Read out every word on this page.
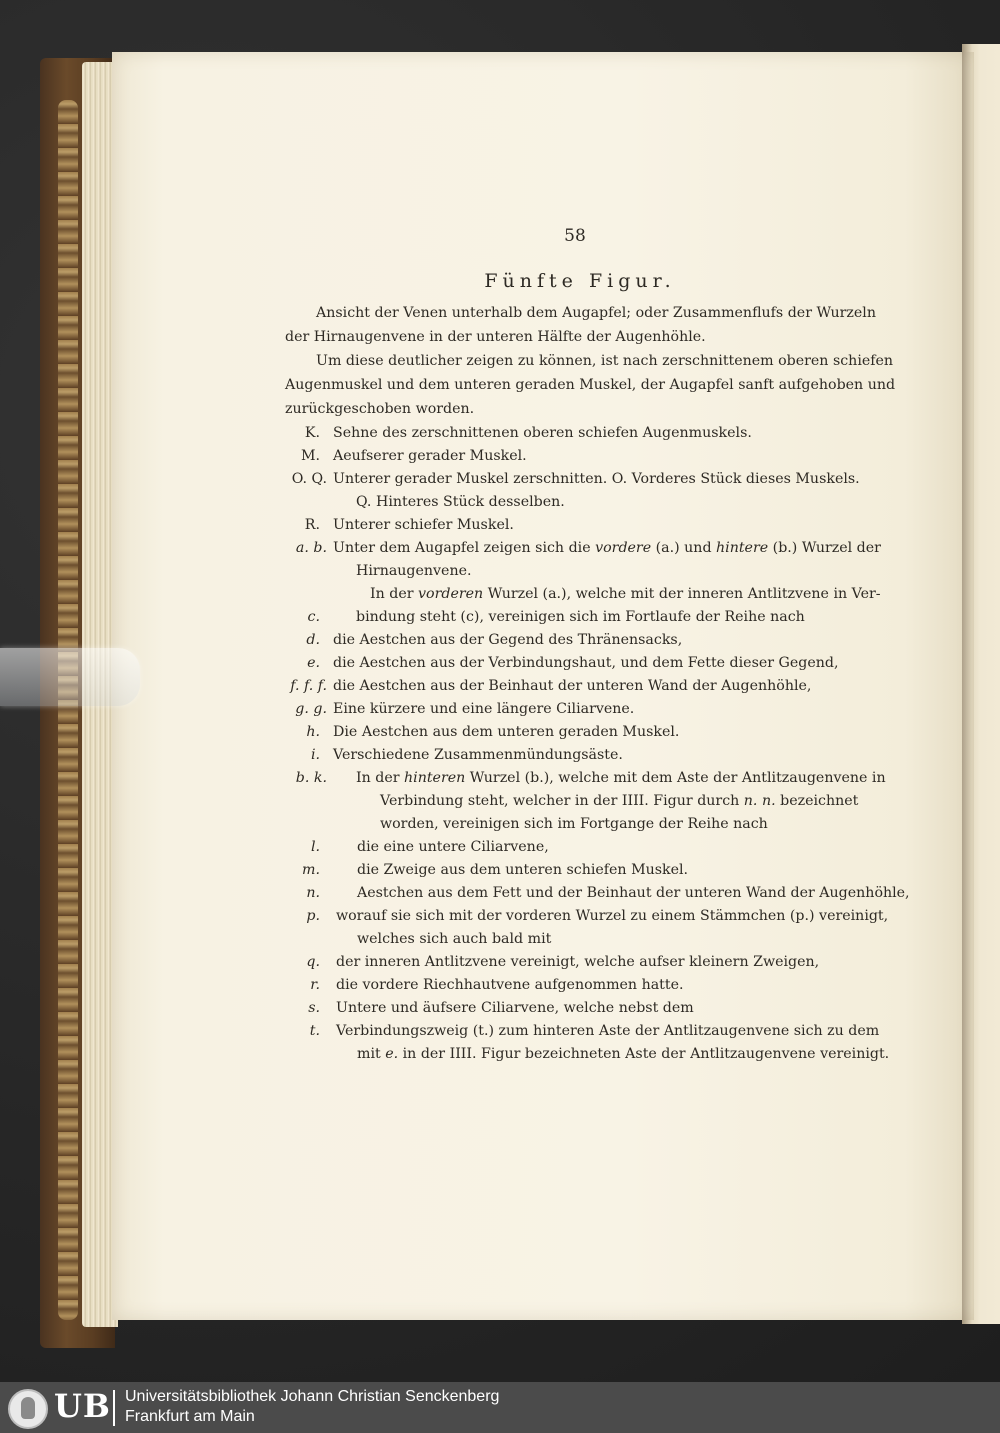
58
Fünfte Figur.
Ansicht der Venen unterhalb dem Augapfel; oder Zusammenflufs der Wurzeln
der Hirnaugenvene in der unteren Hälfte der Augenhöhle.
Um diese deutlicher zeigen zu können, ist nach zerschnittenem oberen schiefen
Augenmuskel und dem unteren geraden Muskel, der Augapfel sanft aufgehoben und
zurückgeschoben worden.
K. Sehne des zerschnittenen oberen schiefen Augenmuskels.
M. Aeufserer gerader Muskel.
O. Q. Unterer gerader Muskel zerschnitten. O. Vorderes Stück dieses Muskels.
Q. Hinteres Stück desselben.
R. Unterer schiefer Muskel.
a. b. Unter dem Augapfel zeigen sich die vordere (a.) und hintere (b.) Wurzel der
Hirnaugenvene.
In der vorderen Wurzel (a.), welche mit der inneren Antlitzvene in Ver-
c.	bindung steht (c), vereinigen sich im Fortlaufe der Reihe nach
d. die Aestchen aus der Gegend des Thränensacks,
e. die Aestchen aus der Verbindungshaut, und dem Fette dieser Gegend,
f. f. f. die Aestchen aus der Beinhaut der unteren Wand der Augenhöhle,
g. g. Eine kürzere und eine längere Ciliarvene.
h. Die Aestchen aus dem unteren geraden Muskel.
i. Verschiedene Zusammenmündungsäste.
b. k. In der hinteren Wurzel (b.), welche mit dem Aste der Antlitzaugenvene in
Verbindung steht, welcher in der IIII. Figur durch n. n. bezeichnet
worden, vereinigen sich im Fortgange der Reihe nach
l.	die eine untere Ciliarvene,
m.	die Zweige aus dem unteren schiefen Muskel.
n.	Aestchen aus dem Fett und der Beinhaut der unteren Wand der Augenhöhle,
p. worauf sie sich mit der vorderen Wurzel zu einem Stämmchen (p.) vereinigt,
welches sich auch bald mit
q. der inneren Antlitzvene vereinigt, welche aufser kleinern Zweigen,
r. die vordere Riechhautvene aufgenommen hatte.
s. Untere und äufsere Ciliarvene, welche nebst dem
t. Verbindungszweig (t.) zum hinteren Aste der Antlitzaugenvene sich zu dem
mit e. in der IIII. Figur bezeichneten Aste der Antlitzaugenvene vereinigt.
UB Universitätsbibliothek Johann Christian Senckenberg
Frankfurt am Main
